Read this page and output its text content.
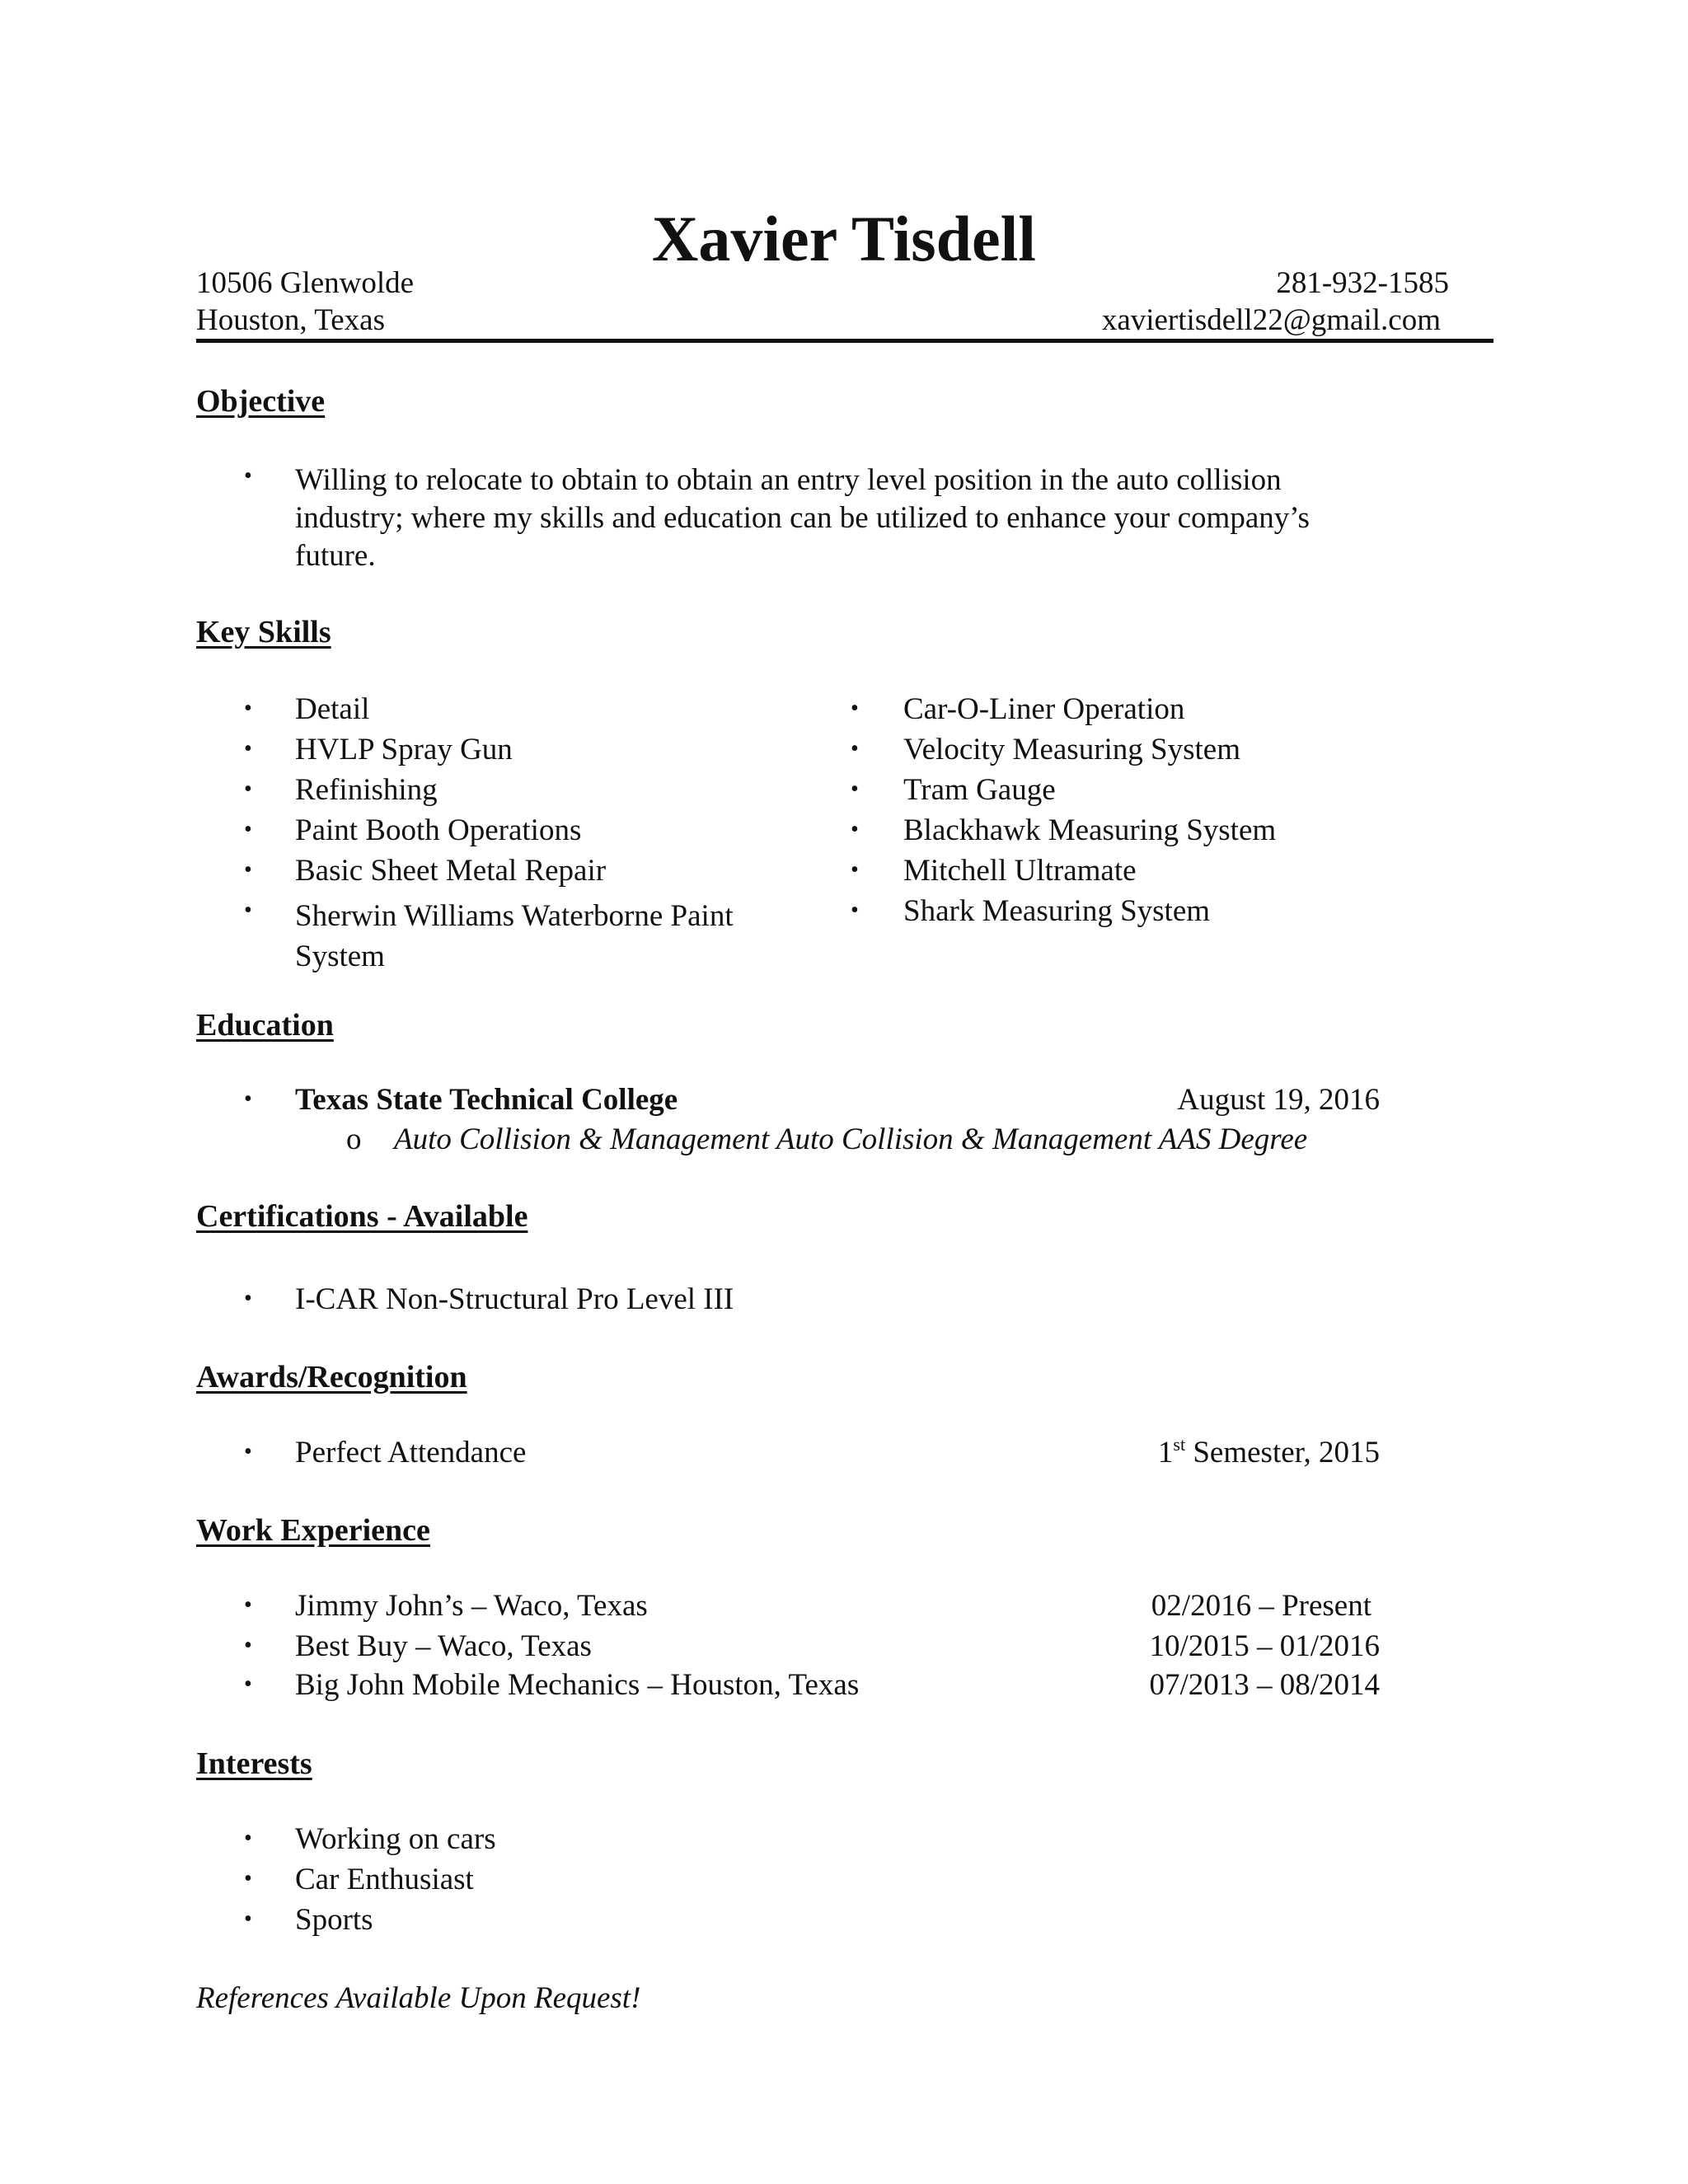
Xavier Tisdell
10506 Glenwolde
Houston, Texas
281-932-1585
xaviertisdell22@gmail.com
Objective
• Willing to relocate to obtain to obtain an entry level position in the auto collision industry; where my skills and education can be utilized to enhance your company’s future.
Key Skills
• Detail
• HVLP Spray Gun
• Refinishing
• Paint Booth Operations
• Basic Sheet Metal Repair
• Sherwin Williams Waterborne Paint System
• Car-O-Liner Operation
• Velocity Measuring System
• Tram Gauge
• Blackhawk Measuring System
• Mitchell Ultramate
• Shark Measuring System
Education
• Texas State Technical College	August 19, 2016
o Auto Collision & Management Auto Collision & Management AAS Degree
Certifications - Available
• I-CAR Non-Structural Pro Level III
Awards/Recognition
• Perfect Attendance	1st Semester, 2015
Work Experience
• Jimmy John’s – Waco, Texas	02/2016 – Present
• Best Buy – Waco, Texas	10/2015 – 01/2016
• Big John Mobile Mechanics – Houston, Texas	07/2013 – 08/2014
Interests
• Working on cars
• Car Enthusiast
• Sports
References Available Upon Request!
